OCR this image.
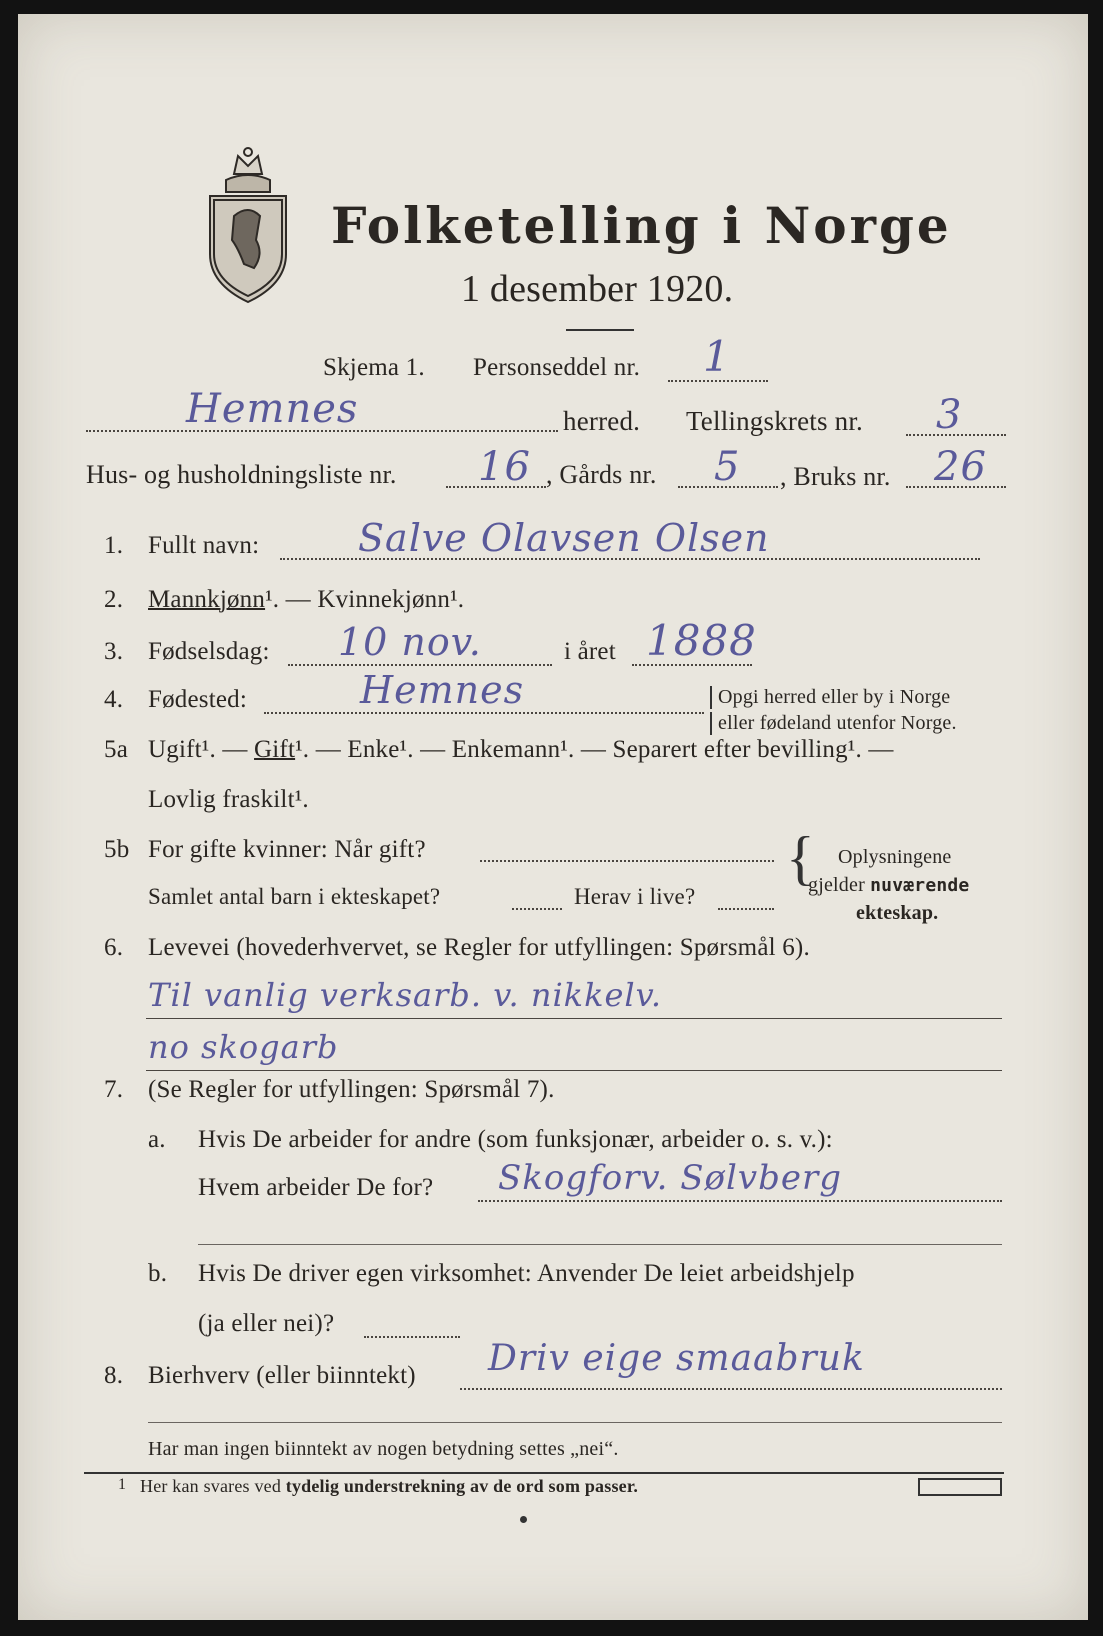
Folketelling i Norge
1 desember 1920.
Skjema 1. Personseddel nr. 1
Hemnes	herred. Tellingskrets nr. 3
Hus- og husholdningsliste nr. 16 , Gårds nr. 5 , Bruks nr. 26
1. Fullt navn:	Salve Olavsen Olsen
2. Mannkjønn¹. — Kvinnekjønn¹.
3. Fødselsdag: 10 nov.	i året 1888
4. Fødested:	Hemnes	Opgi herred eller by i Norge
eller fødeland utenfor Norge.
5a Ugift¹. — Gift¹. — Enke¹. — Enkemann¹. — Separert efter bevilling¹. —
Lovlig fraskilt¹.
5b For gifte kvinner: Når gift?
Samlet antal barn i ekteskapet?	Herav i live?
{ Oplysningene
gjelder nuværende
ekteskap.
6. Levevei (hovederhvervet, se Regler for utfyllingen: Spørsmål 6).
Til vanlig verksarb. v. nikkelv.
no skogarb
7. (Se Regler for utfyllingen: Spørsmål 7).
a. Hvis De arbeider for andre (som funksjonær, arbeider o. s. v.):
Hvem arbeider De for? Skogforv. Sølvberg
b. Hvis De driver egen virksomhet: Anvender De leiet arbeidshjelp
(ja eller nei)?
8. Bierhverv (eller biinntekt) Driv eige smaabruk
Har man ingen biinntekt av nogen betydning settes „nei“.
1 Her kan svares ved tydelig understrekning av de ord som passer.
